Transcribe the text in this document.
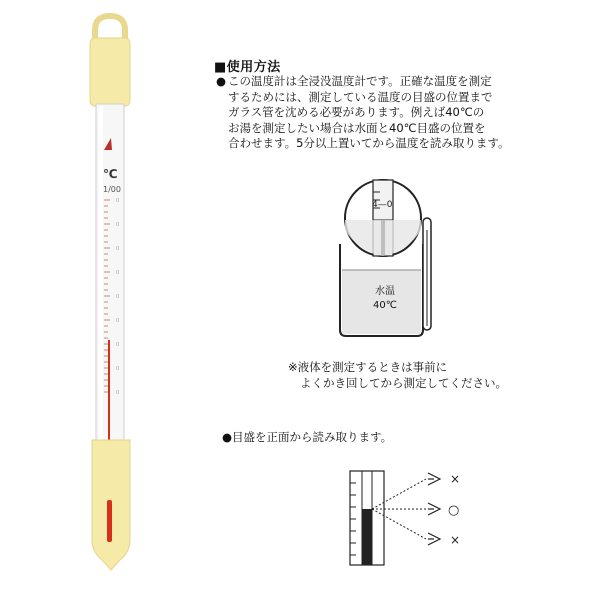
℃
1/00
0
0
0
0
0
0
0
0
0
■使用方法
● この温度計は全浸没温度計です。正確な温度を測定
するためには、測定している温度の目盛の位置まで
ガラス管を沈める必要があります。例えば40℃の
お湯を測定したい場合は水面と40℃目盛の位置を
合わせます。5分以上置いてから温度を読み取ります。
4—0
水温
40℃
※液体を測定するときは事前に
よくかき回してから測定してください。
●目盛を正面から読み取ります。
×
○
×
